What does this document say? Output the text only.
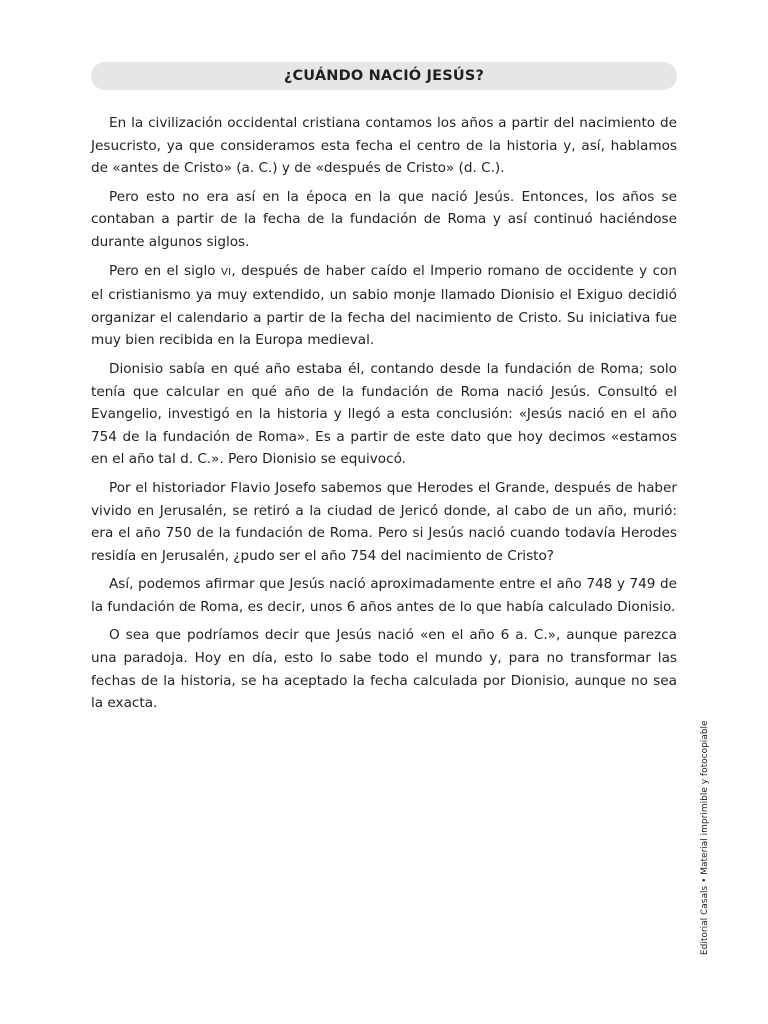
¿CUÁNDO NACIÓ JESÚS?

En la civilización occidental cristiana contamos los años a partir del nacimiento de Jesucristo, ya que consideramos esta fecha el centro de la historia y, así, hablamos de «antes de Cristo» (a. C.) y de «después de Cristo» (d. C.).

Pero esto no era así en la época en la que nació Jesús. Entonces, los años se contaban a partir de la fecha de la fundación de Roma y así continuó haciéndose durante algunos siglos.

Pero en el siglo VI, después de haber caído el Imperio romano de occidente y con el cristianismo ya muy extendido, un sabio monje llamado Dionisio el Exiguo decidió organizar el calendario a partir de la fecha del nacimiento de Cristo. Su iniciativa fue muy bien recibida en la Europa medieval.

Dionisio sabía en qué año estaba él, contando desde la fundación de Roma; solo tenía que calcular en qué año de la fundación de Roma nació Jesús. Consultó el Evangelio, investigó en la historia y llegó a esta conclusión: «Jesús nació en el año 754 de la fundación de Roma». Es a partir de este dato que hoy decimos «estamos en el año tal d. C.». Pero Dionisio se equivocó.

Por el historiador Flavio Josefo sabemos que Herodes el Grande, después de haber vivido en Jerusalén, se retiró a la ciudad de Jericó donde, al cabo de un año, murió: era el año 750 de la fundación de Roma. Pero si Jesús nació cuando todavía Herodes residía en Jerusalén, ¿pudo ser el año 754 del nacimiento de Cristo?

Así, podemos afirmar que Jesús nació aproximadamente entre el año 748 y 749 de la fundación de Roma, es decir, unos 6 años antes de lo que había calculado Dionisio.

O sea que podríamos decir que Jesús nació «en el año 6 a. C.», aunque parezca una paradoja. Hoy en día, esto lo sabe todo el mundo y, para no transformar las fechas de la historia, se ha aceptado la fecha calculada por Dionisio, aunque no sea la exacta.

Editorial Casals • Material imprimible y fotocopiable
